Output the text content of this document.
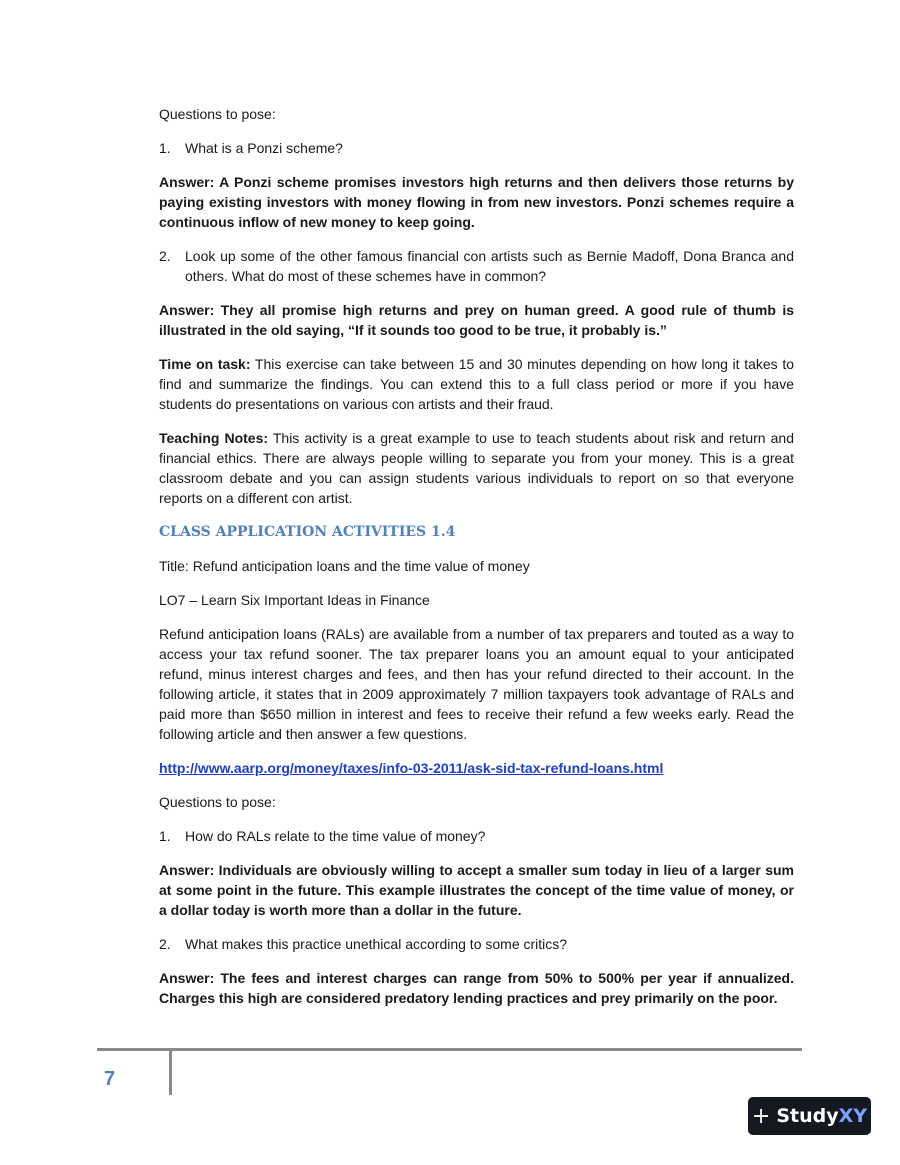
Questions to pose:

1.	What is a Ponzi scheme?

Answer: A Ponzi scheme promises investors high returns and then delivers those returns by paying existing investors with money flowing in from new investors. Ponzi schemes require a continuous inflow of new money to keep going.

2.	Look up some of the other famous financial con artists such as Bernie Madoff, Dona Branca and others. What do most of these schemes have in common?

Answer: They all promise high returns and prey on human greed. A good rule of thumb is illustrated in the old saying, “If it sounds too good to be true, it probably is.”

Time on task: This exercise can take between 15 and 30 minutes depending on how long it takes to find and summarize the findings. You can extend this to a full class period or more if you have students do presentations on various con artists and their fraud.

Teaching Notes: This activity is a great example to use to teach students about risk and return and financial ethics. There are always people willing to separate you from your money. This is a great classroom debate and you can assign students various individuals to report on so that everyone reports on a different con artist.

CLASS APPLICATION ACTIVITIES 1.4

Title: Refund anticipation loans and the time value of money

LO7 – Learn Six Important Ideas in Finance

Refund anticipation loans (RALs) are available from a number of tax preparers and touted as a way to access your tax refund sooner. The tax preparer loans you an amount equal to your anticipated refund, minus interest charges and fees, and then has your refund directed to their account. In the following article, it states that in 2009 approximately 7 million taxpayers took advantage of RALs and paid more than $650 million in interest and fees to receive their refund a few weeks early. Read the following article and then answer a few questions.

http://www.aarp.org/money/taxes/info-03-2011/ask-sid-tax-refund-loans.html

Questions to pose:

1.	How do RALs relate to the time value of money?

Answer: Individuals are obviously willing to accept a smaller sum today in lieu of a larger sum at some point in the future. This example illustrates the concept of the time value of money, or a dollar today is worth more than a dollar in the future.

2.	What makes this practice unethical according to some critics?

Answer: The fees and interest charges can range from 50% to 500% per year if annualized. Charges this high are considered predatory lending practices and prey primarily on the poor.

7
+ Study XY
